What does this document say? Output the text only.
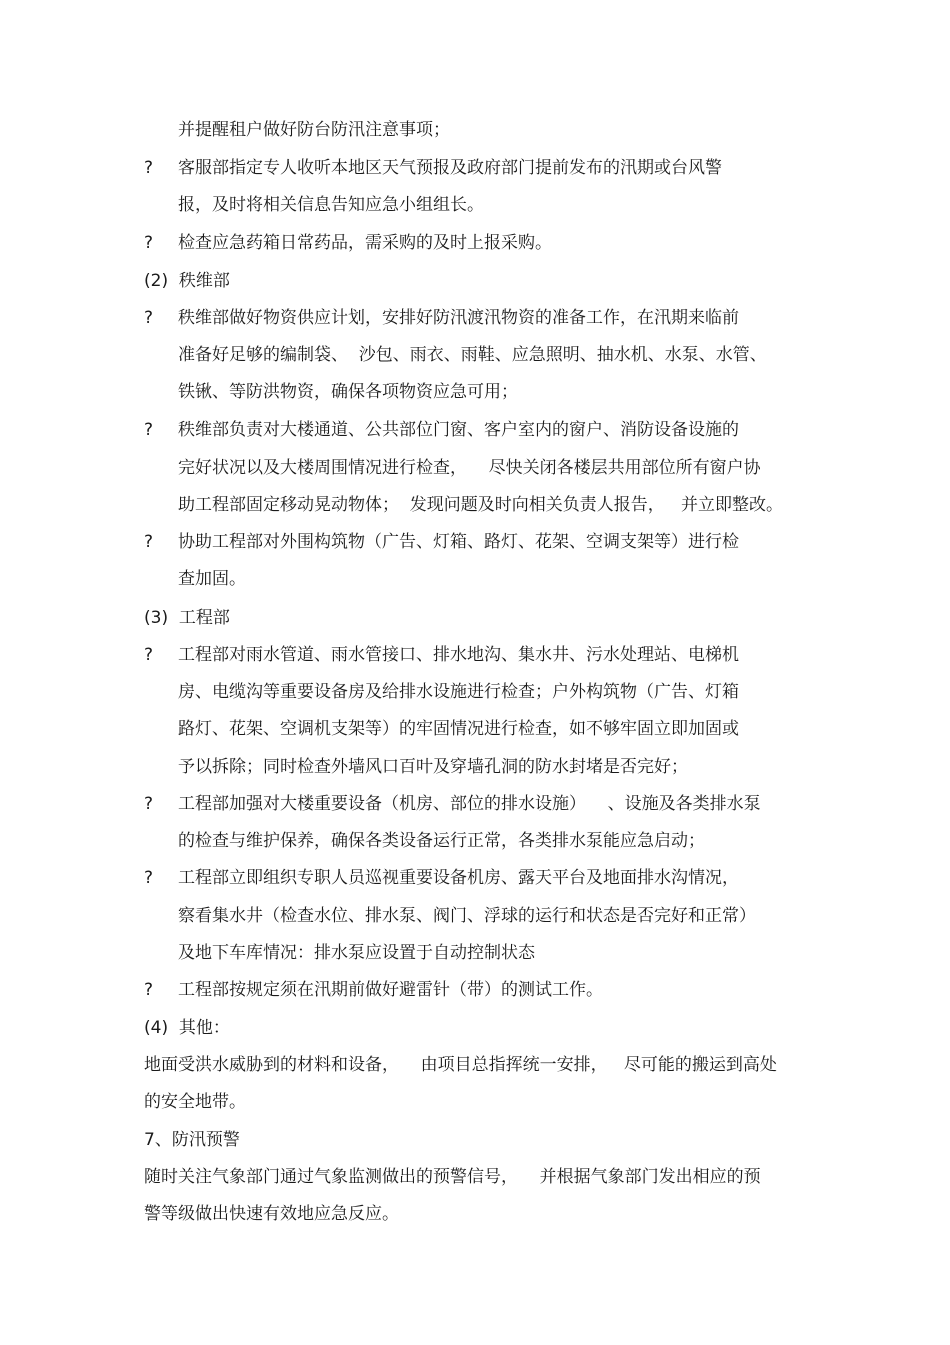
并提醒租户做好防台防汛注意事项；
? 客服部指定专人收听本地区天气预报及政府部门提前发布的汛期或台风警
报，及时将相关信息告知应急小组组长。
? 检查应急药箱日常药品，需采购的及时上报采购。
(2)  秩维部
? 秩维部做好物资供应计划，安排好防汛渡汛物资的准备工作，在汛期来临前
准备好足够的编制袋、  沙包、雨衣、雨鞋、应急照明、抽水机、水泵、水管、
铁锹、等防洪物资，确保各项物资应急可用；
? 秩维部负责对大楼通道、公共部位门窗、客户室内的窗户、消防设备设施的
完好状况以及大楼周围情况进行检查，    尽快关闭各楼层共用部位所有窗户协
助工程部固定移动晃动物体；  发现问题及时向相关负责人报告，   并立即整改。
? 协助工程部对外围构筑物（广告、灯箱、路灯、花架、空调支架等）进行检
查加固。
(3)  工程部
? 工程部对雨水管道、雨水管接口、排水地沟、集水井、污水处理站、电梯机
房、电缆沟等重要设备房及给排水设施进行检查；户外构筑物（广告、灯箱
路灯、花架、空调机支架等）的牢固情况进行检查，如不够牢固立即加固或
予以拆除；同时检查外墙风口百叶及穿墙孔洞的防水封堵是否完好；
? 工程部加强对大楼重要设备（机房、部位的排水设施）    、设施及各类排水泵
的检查与维护保养，确保各类设备运行正常，各类排水泵能应急启动；
? 工程部立即组织专职人员巡视重要设备机房、露天平台及地面排水沟情况，
察看集水井（检查水位、排水泵、阀门、浮球的运行和状态是否完好和正常）
及地下车库情况：排水泵应设置于自动控制状态
? 工程部按规定须在汛期前做好避雷针（带）的测试工作。
(4)  其他：
地面受洪水威胁到的材料和设备，    由项目总指挥统一安排，   尽可能的搬运到高处
的安全地带。
7、防汛预警
随时关注气象部门通过气象监测做出的预警信号，    并根据气象部门发出相应的预
警等级做出快速有效地应急反应。
